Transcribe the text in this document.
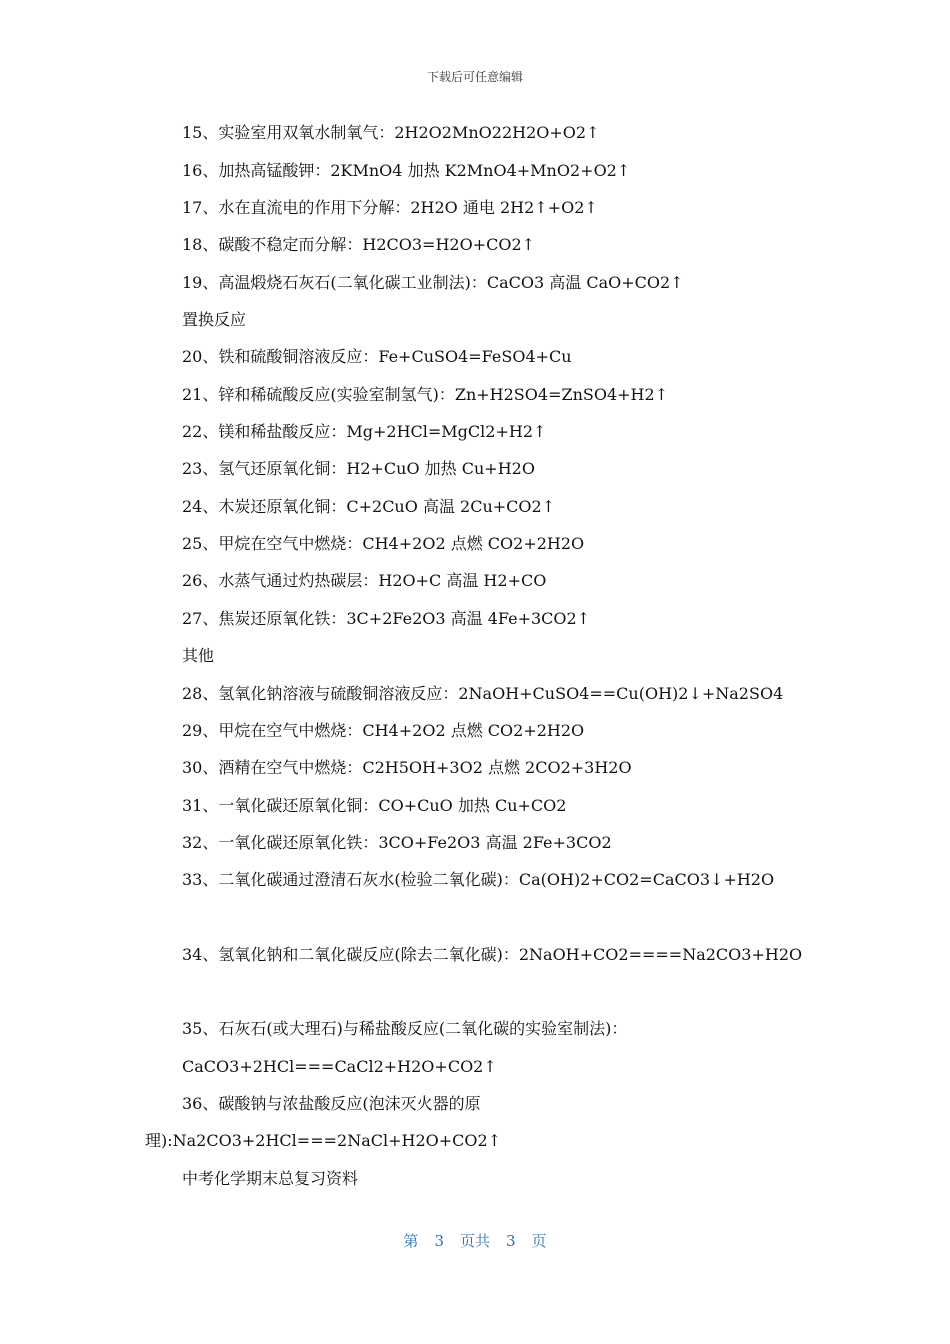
下载后可任意编辑
15、实验室用双氧水制氧气：2H2O2MnO22H2O+O2↑
16、加热高锰酸钾：2KMnO4 加热 K2MnO4+MnO2+O2↑
17、水在直流电的作用下分解：2H2O 通电 2H2↑+O2↑
18、碳酸不稳定而分解：H2CO3=H2O+CO2↑
19、高温煅烧石灰石(二氧化碳工业制法)：CaCO3 高温 CaO+CO2↑
置换反应
20、铁和硫酸铜溶液反应：Fe+CuSO4=FeSO4+Cu
21、锌和稀硫酸反应(实验室制氢气)：Zn+H2SO4=ZnSO4+H2↑
22、镁和稀盐酸反应：Mg+2HCl=MgCl2+H2↑
23、氢气还原氧化铜：H2+CuO 加热 Cu+H2O
24、木炭还原氧化铜：C+2CuO 高温 2Cu+CO2↑
25、甲烷在空气中燃烧：CH4+2O2 点燃 CO2+2H2O
26、水蒸气通过灼热碳层：H2O+C 高温 H2+CO
27、焦炭还原氧化铁：3C+2Fe2O3 高温 4Fe+3CO2↑
其他
28、氢氧化钠溶液与硫酸铜溶液反应：2NaOH+CuSO4==Cu(OH)2↓+Na2SO4
29、甲烷在空气中燃烧：CH4+2O2 点燃 CO2+2H2O
30、酒精在空气中燃烧：C2H5OH+3O2 点燃 2CO2+3H2O
31、一氧化碳还原氧化铜：CO+CuO 加热 Cu+CO2
32、一氧化碳还原氧化铁：3CO+Fe2O3 高温 2Fe+3CO2
33、二氧化碳通过澄清石灰水(检验二氧化碳)：Ca(OH)2+CO2=CaCO3↓+H2O
34、氢氧化钠和二氧化碳反应(除去二氧化碳)：2NaOH+CO2====Na2CO3+H2O
35、石灰石(或大理石)与稀盐酸反应(二氧化碳的实验室制法)：
CaCO3+2HCl===CaCl2+H2O+CO2↑
36、碳酸钠与浓盐酸反应(泡沫灭火器的原
理):Na2CO3+2HCl===2NaCl+H2O+CO2↑
中考化学期末总复习资料
第 3 页共 3 页
